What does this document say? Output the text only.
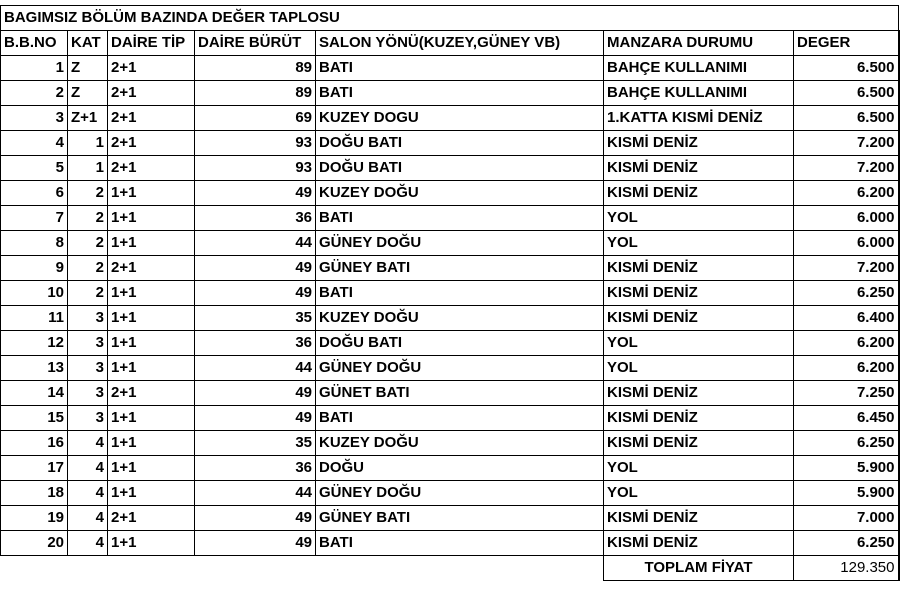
BAGIMSIZ BÖLÜM BAZINDA DEĞER TAPLOSU						
B.B.NO	KAT	DAİRE TİP	DAİRE BÜRÜT	SALON YÖNÜ(KUZEY,GÜNEY VB)	MANZARA DURUMU	DEGER
1	Z	2+1	89	BATI	BAHÇE KULLANIMI	6.500
2	Z	2+1	89	BATI	BAHÇE KULLANIMI	6.500
3	Z+1	2+1	69	KUZEY DOGU	1.KATTA KISMİ DENİZ	6.500
4	1	2+1	93	DOĞU BATI	KISMİ DENİZ	7.200
5	1	2+1	93	DOĞU BATI	KISMİ DENİZ	7.200
6	2	1+1	49	KUZEY DOĞU	KISMİ DENİZ	6.200
7	2	1+1	36	BATI	YOL	6.000
8	2	1+1	44	GÜNEY DOĞU	YOL	6.000
9	2	2+1	49	GÜNEY BATI	KISMİ DENİZ	7.200
10	2	1+1	49	BATI	KISMİ DENİZ	6.250
11	3	1+1	35	KUZEY DOĞU	KISMİ DENİZ	6.400
12	3	1+1	36	DOĞU BATI	YOL	6.200
13	3	1+1	44	GÜNEY DOĞU	YOL	6.200
14	3	2+1	49	GÜNET BATI	KISMİ DENİZ	7.250
15	3	1+1	49	BATI	KISMİ DENİZ	6.450
16	4	1+1	35	KUZEY DOĞU	KISMİ DENİZ	6.250
17	4	1+1	36	DOĞU	YOL	5.900
18	4	1+1	44	GÜNEY DOĞU	YOL	5.900
19	4	2+1	49	GÜNEY BATI	KISMİ DENİZ	7.000
20	4	1+1	49	BATI	KISMİ DENİZ	6.250
					TOPLAM FİYAT	129.350
